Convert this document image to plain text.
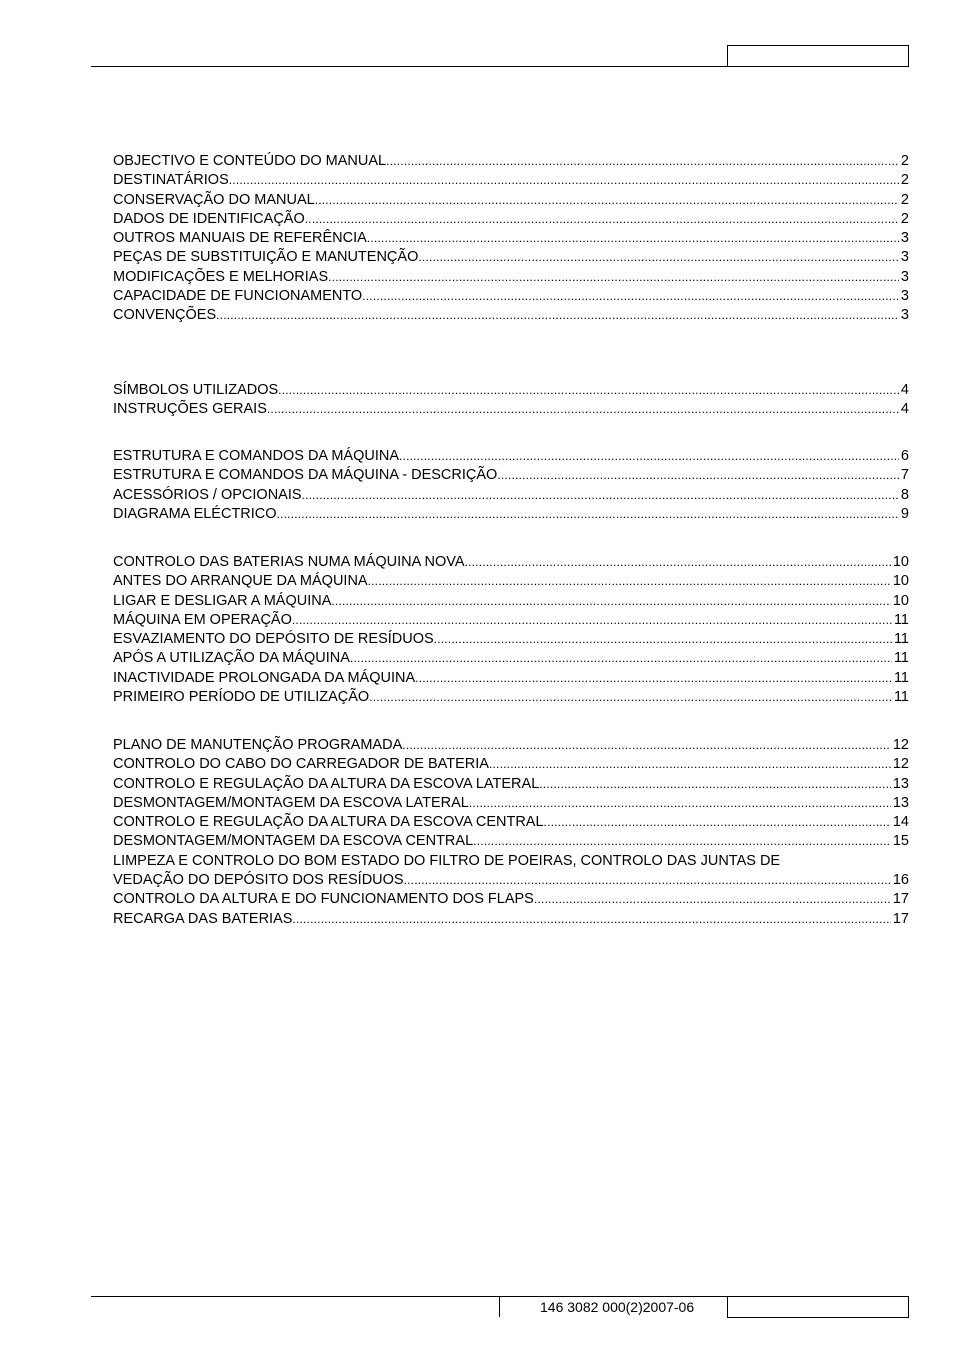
OBJECTIVO E CONTEÚDO DO MANUAL .....	2
DESTINATÁRIOS .....	2
CONSERVAÇÃO DO MANUAL .....	2
DADOS DE IDENTIFICAÇÃO .....	2
OUTROS MANUAIS DE REFERÊNCIA .....	3
PEÇAS DE SUBSTITUIÇÃO E MANUTENÇÃO .....	3
MODIFICAÇÕES E MELHORIAS .....	3
CAPACIDADE DE FUNCIONAMENTO .....	3
CONVENÇÕES .....	3
SÍMBOLOS UTILIZADOS .....	4
INSTRUÇÕES GERAIS .....	4
ESTRUTURA E COMANDOS DA MÁQUINA .....	6
ESTRUTURA E COMANDOS DA MÁQUINA - DESCRIÇÃO .....	7
ACESSÓRIOS / OPCIONAIS .....	8
DIAGRAMA ELÉCTRICO .....	9
CONTROLO DAS BATERIAS NUMA MÁQUINA NOVA .....	10
ANTES DO ARRANQUE DA MÁQUINA .....	10
LIGAR E DESLIGAR A MÁQUINA .....	10
MÁQUINA EM OPERAÇÃO .....	11
ESVAZIAMENTO DO DEPÓSITO DE RESÍDUOS .....	11
APÓS A UTILIZAÇÃO DA MÁQUINA .....	11
INACTIVIDADE PROLONGADA DA MÁQUINA .....	11
PRIMEIRO PERÍODO DE UTILIZAÇÃO .....	11
PLANO DE MANUTENÇÃO PROGRAMADA .....	12
CONTROLO DO CABO DO CARREGADOR DE BATERIA .....	12
CONTROLO E REGULAÇÃO DA ALTURA DA ESCOVA LATERAL .....	13
DESMONTAGEM/MONTAGEM DA ESCOVA LATERAL .....	13
CONTROLO E REGULAÇÃO DA ALTURA DA ESCOVA CENTRAL .....	14
DESMONTAGEM/MONTAGEM DA ESCOVA CENTRAL .....	15
LIMPEZA E CONTROLO DO BOM ESTADO DO FILTRO DE POEIRAS, CONTROLO DAS JUNTAS DE
VEDAÇÃO DO DEPÓSITO DOS RESÍDUOS .....	16
CONTROLO DA ALTURA E DO FUNCIONAMENTO DOS FLAPS .....	17
RECARGA DAS BATERIAS .....	17
146 3082 000(2)2007-06
